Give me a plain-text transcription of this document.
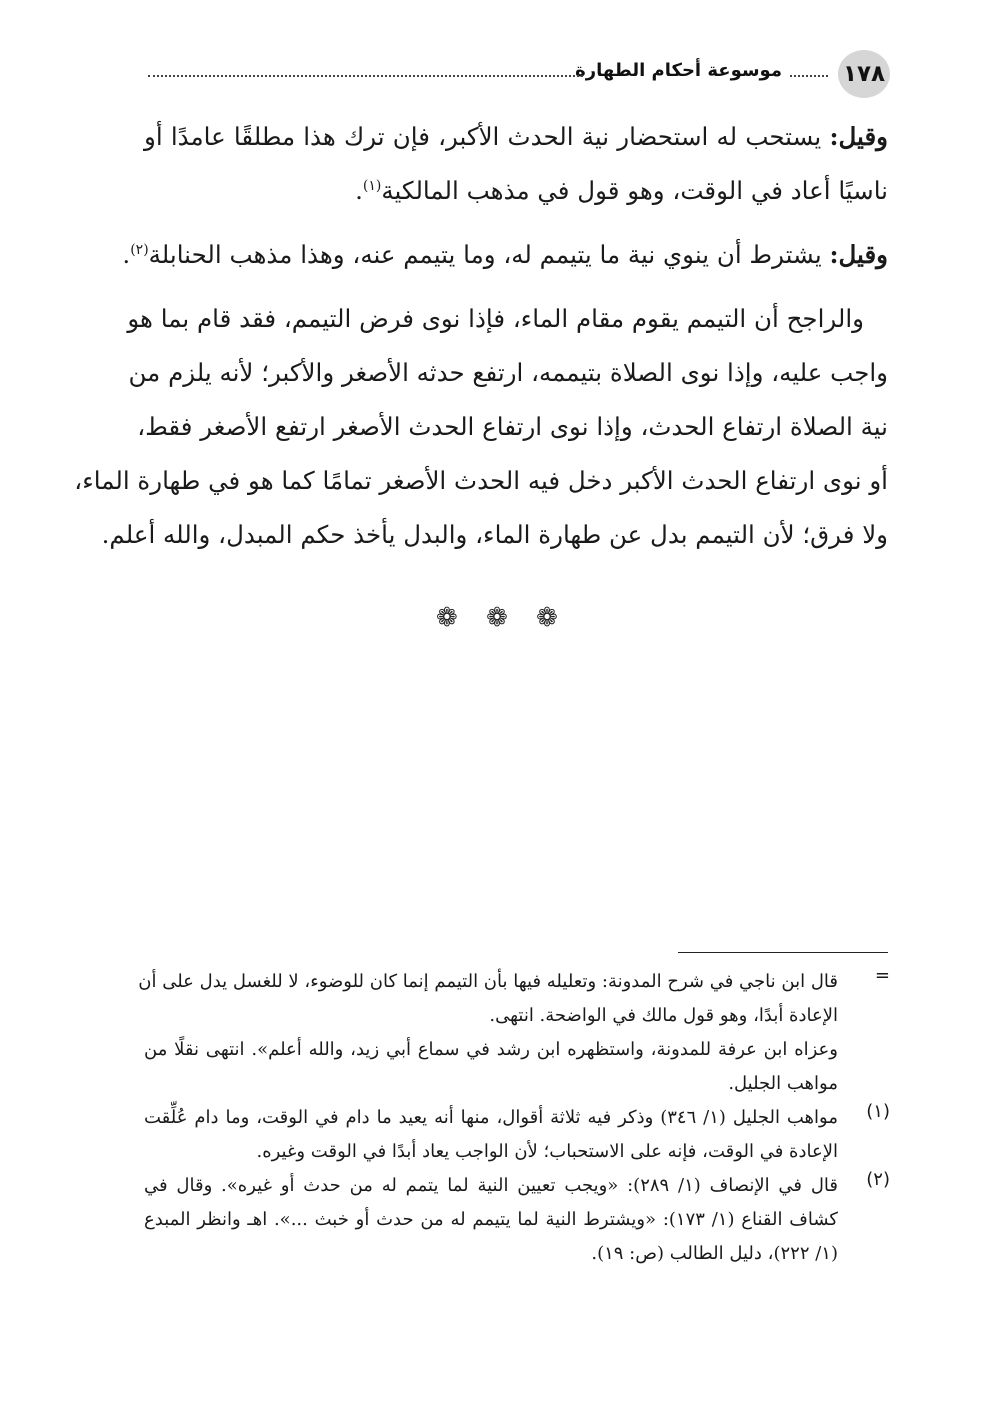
١٧٨
موسوعة أحكام الطهارة
وقيل: يستحب له استحضار نية الحدث الأكبر، فإن ترك هذا مطلقًا عامدًا أو
ناسيًا أعاد في الوقت، وهو قول في مذهب المالكية$^{(١)}$.
وقيل: يشترط أن ينوي نية ما يتيمم له، وما يتيمم عنه، وهذا مذهب الحنابلة$^{(٢)}$.
والراجح أن التيمم يقوم مقام الماء، فإذا نوى فرض التيمم، فقد قام بما هو
واجب عليه، وإذا نوى الصلاة بتيممه، ارتفع حدثه الأصغر والأكبر؛ لأنه يلزم من
نية الصلاة ارتفاع الحدث، وإذا نوى ارتفاع الحدث الأصغر ارتفع الأصغر فقط،
أو نوى ارتفاع الحدث الأكبر دخل فيه الحدث الأصغر تمامًا كما هو في طهارة الماء،
ولا فرق؛ لأن التيمم بدل عن طهارة الماء، والبدل يأخذ حكم المبدل، والله أعلم.
❁ ❁ ❁
=
قال ابن ناجي في شرح المدونة: وتعليله فيها بأن التيمم إنما كان للوضوء، لا للغسل يدل على أن
الإعادة أبدًا، وهو قول مالك في الواضحة. انتهى.
وعزاه ابن عرفة للمدونة، واستظهره ابن رشد في سماع أبي زيد، والله أعلم». انتهى نقلًا من
مواهب الجليل.
(١)
مواهب الجليل (١/ ٣٤٦) وذكر فيه ثلاثة أقوال، منها أنه يعيد ما دام في الوقت، وما دام عُلِّقت
الإعادة في الوقت، فإنه على الاستحباب؛ لأن الواجب يعاد أبدًا في الوقت وغيره.
(٢)
قال في الإنصاف (١/ ٢٨٩): «ويجب تعيين النية لما يتمم له من حدث أو غيره». وقال في
كشاف القناع (١/ ١٧٣): «ويشترط النية لما يتيمم له من حدث أو خبث ...». اهـ وانظر المبدع
(١/ ٢٢٢)، دليل الطالب (ص: ١٩).
